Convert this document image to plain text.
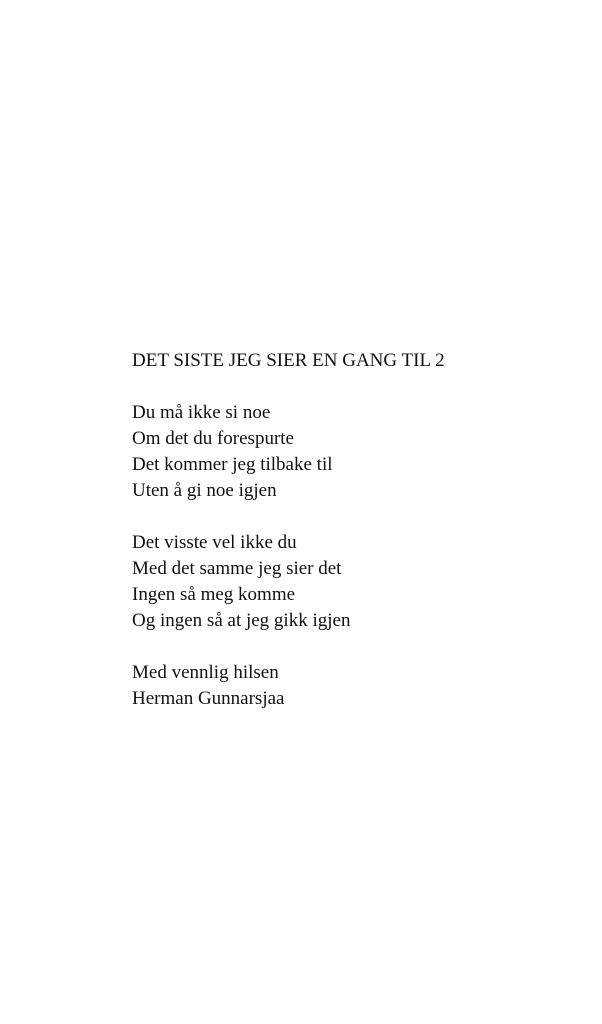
DET SISTE JEG SIER EN GANG TIL 2
Du må ikke si noe
Om det du forespurte
Det kommer jeg tilbake til
Uten å gi noe igjen
Det visste vel ikke du
Med det samme jeg sier det
Ingen så meg komme
Og ingen så at jeg gikk igjen
Med vennlig hilsen
Herman Gunnarsjaa
